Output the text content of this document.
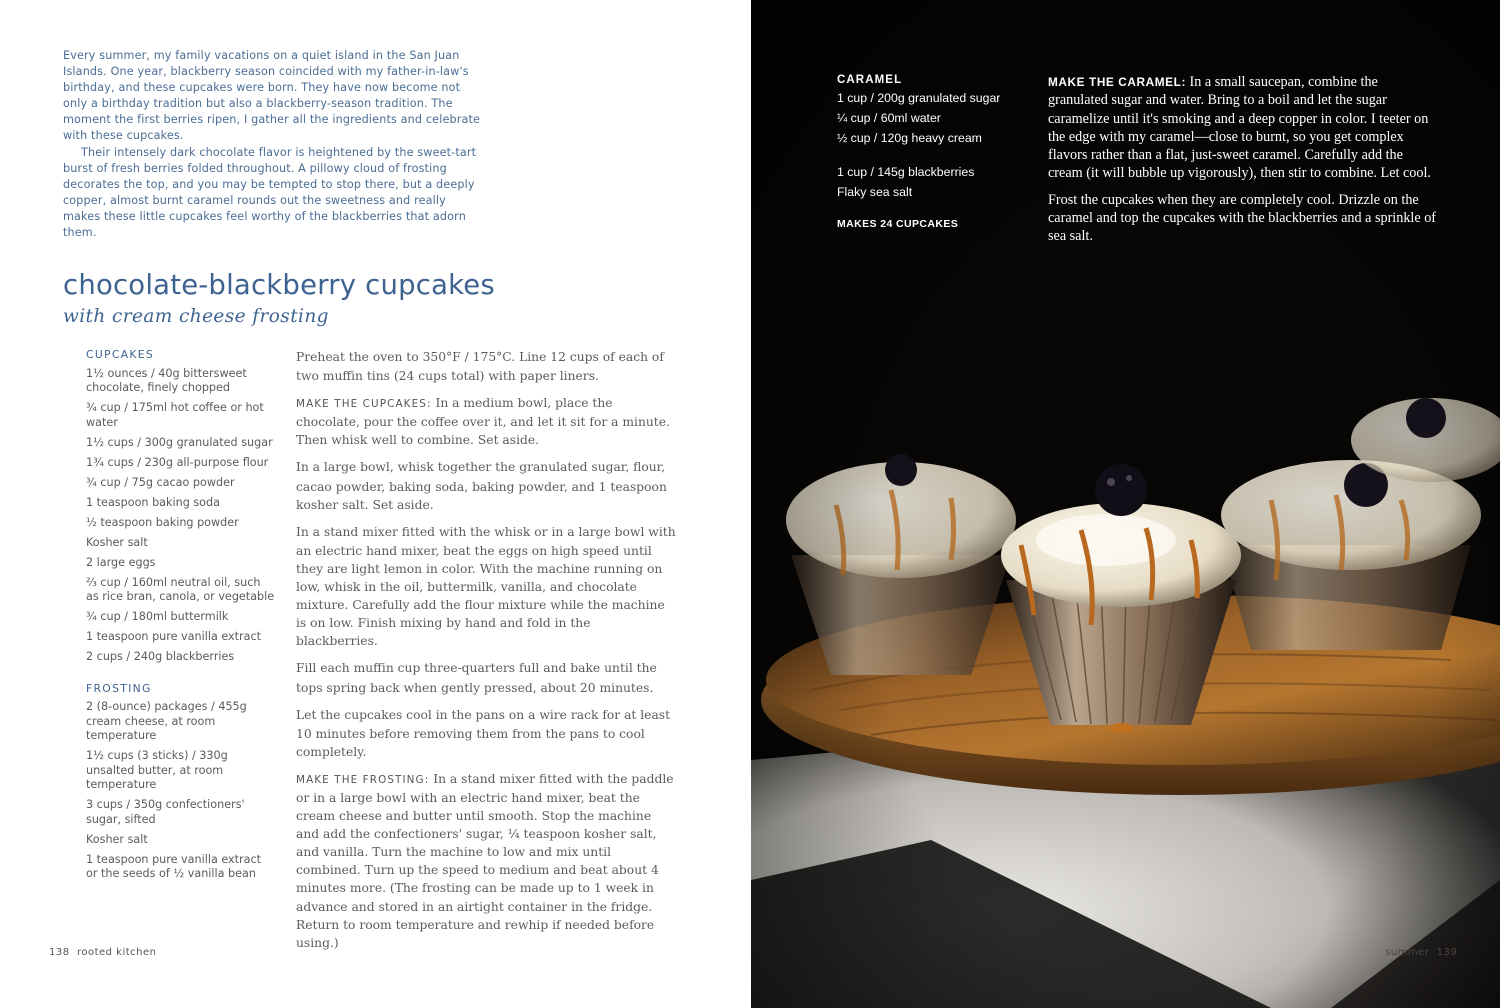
Every summer, my family vacations on a quiet island in the San Juan Islands. One year, blackberry season coincided with my father-in-law's birthday, and these cupcakes were born. They have now become not only a birthday tradition but also a blackberry-season tradition. The moment the first berries ripen, I gather all the ingredients and celebrate with these cupcakes.

Their intensely dark chocolate flavor is heightened by the sweet-tart burst of fresh berries folded throughout. A pillowy cloud of frosting decorates the top, and you may be tempted to stop there, but a deeply copper, almost burnt caramel rounds out the sweetness and really makes these little cupcakes feel worthy of the blackberries that adorn them.

chocolate-blackberry cupcakes
with cream cheese frosting
CUPCAKES
1½ ounces / 40g bittersweet chocolate, finely chopped
¾ cup / 175ml hot coffee or hot water
1½ cups / 300g granulated sugar
1¾ cups / 230g all-purpose flour
¾ cup / 75g cacao powder
1 teaspoon baking soda
½ teaspoon baking powder
Kosher salt
2 large eggs
⅔ cup / 160ml neutral oil, such as rice bran, canola, or vegetable
¾ cup / 180ml buttermilk
1 teaspoon pure vanilla extract
2 cups / 240g blackberries
FROSTING
2 (8-ounce) packages / 455g cream cheese, at room temperature
1½ cups (3 sticks) / 330g unsalted butter, at room temperature
3 cups / 350g confectioners' sugar, sifted
Kosher salt
1 teaspoon pure vanilla extract or the seeds of ½ vanilla bean

Preheat the oven to 350°F / 175°C. Line 12 cups of each of two muffin tins (24 cups total) with paper liners.

MAKE THE CUPCAKES: In a medium bowl, place the chocolate, pour the coffee over it, and let it sit for a minute. Then whisk well to combine. Set aside.

In a large bowl, whisk together the granulated sugar, flour, cacao powder, baking soda, baking powder, and 1 teaspoon kosher salt. Set aside.

In a stand mixer fitted with the whisk or in a large bowl with an electric hand mixer, beat the eggs on high speed until they are light lemon in color. With the machine running on low, whisk in the oil, buttermilk, vanilla, and chocolate mixture. Carefully add the flour mixture while the machine is on low. Finish mixing by hand and fold in the blackberries.

Fill each muffin cup three-quarters full and bake until the tops spring back when gently pressed, about 20 minutes.

Let the cupcakes cool in the pans on a wire rack for at least 10 minutes before removing them from the pans to cool completely.

MAKE THE FROSTING: In a stand mixer fitted with the paddle or in a large bowl with an electric hand mixer, beat the cream cheese and butter until smooth. Stop the machine and add the confectioners' sugar, ¼ teaspoon kosher salt, and vanilla. Turn the machine to low and mix until combined. Turn up the speed to medium and beat about 4 minutes more. (The frosting can be made up to 1 week in advance and stored in an airtight container in the fridge. Return to room temperature and rewhip if needed before using.)

138 rooted kitchen
CARAMEL
1 cup / 200g granulated sugar
¼ cup / 60ml water
½ cup / 120g heavy cream
1 cup / 145g blackberries
Flaky sea salt
MAKES 24 CUPCAKES

MAKE THE CARAMEL: In a small saucepan, combine the granulated sugar and water. Bring to a boil and let the sugar caramelize until it's smoking and a deep copper in color. I teeter on the edge with my caramel—close to burnt, so you get complex flavors rather than a flat, just-sweet caramel. Carefully add the cream (it will bubble up vigorously), then stir to combine. Let cool.

Frost the cupcakes when they are completely cool. Drizzle on the caramel and top the cupcakes with the blackberries and a sprinkle of sea salt.

summer 139
